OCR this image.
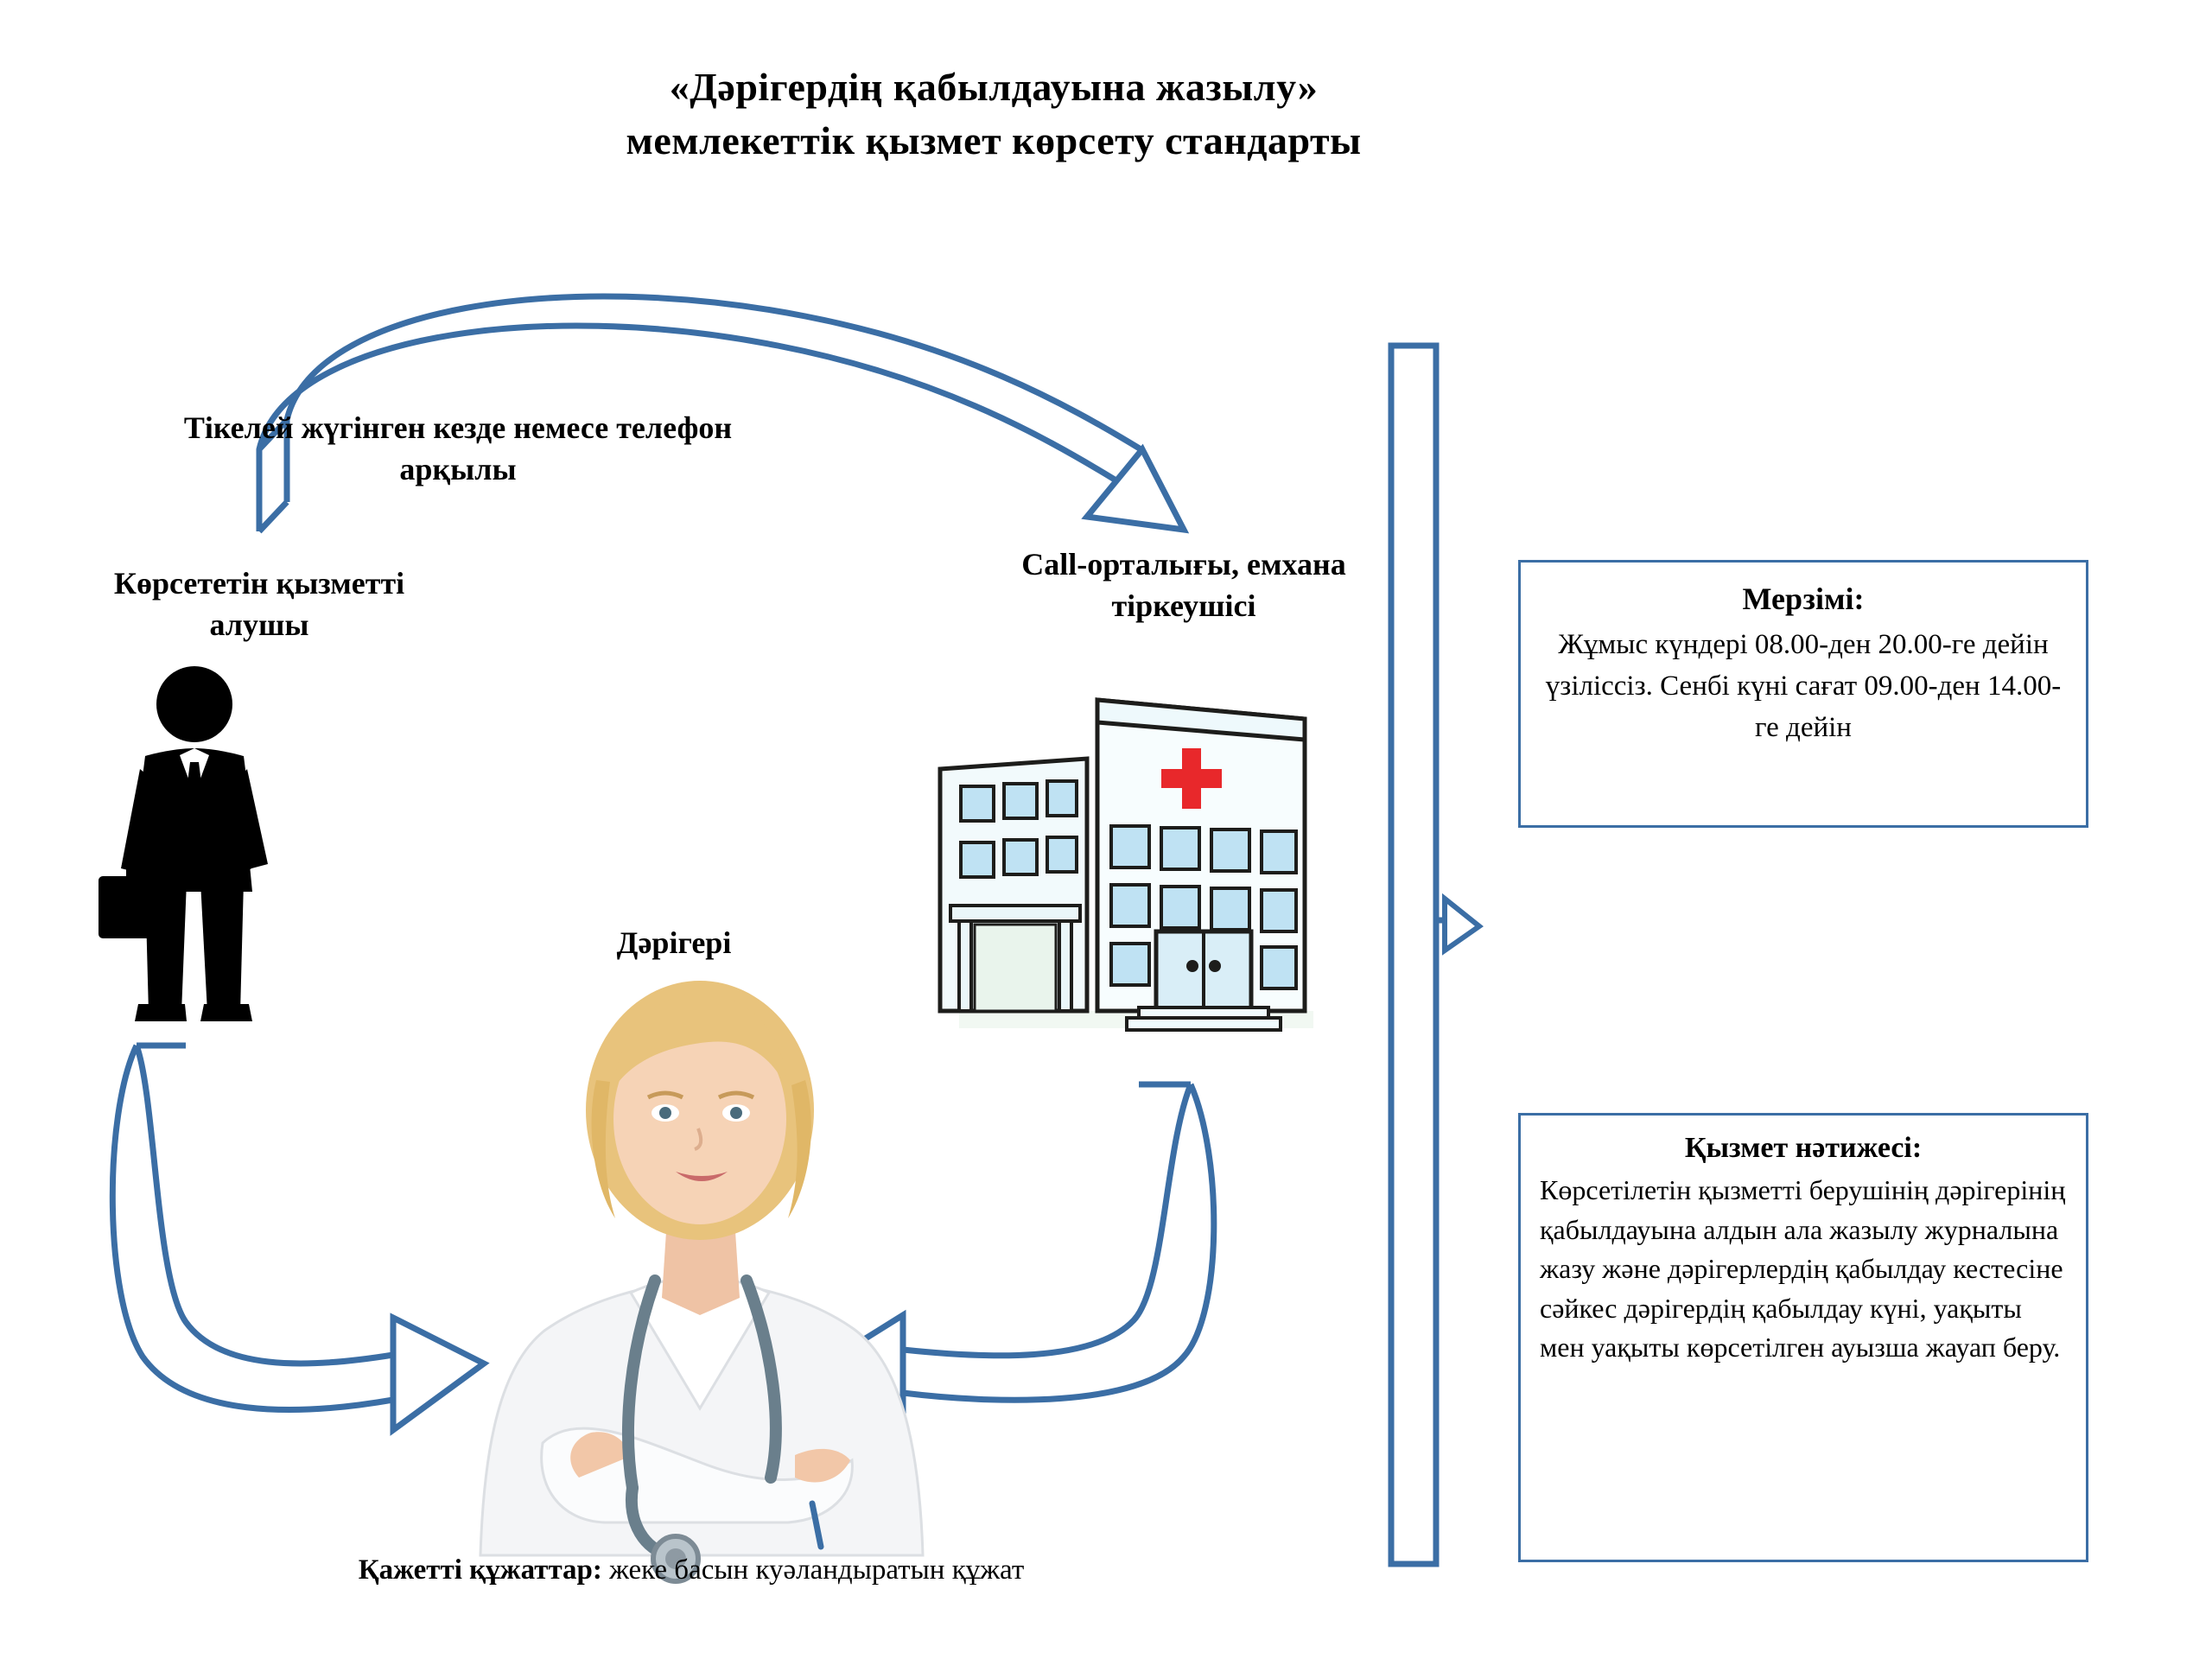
«Дәрігердің қабылдауына жазылу»
мемлекеттік қызмет көрсету стандарты
Тікелей жүгінген кезде немесе телефон арқылы
Көрсететін қызметті алушы
Call-орталығы, емхана тіркеушісі
Дәрігері
Қажетті құжаттар: жеке басын куәландыратын құжат
Мерзімі:
Жұмыс күндері 08.00-ден 20.00-ге дейін үзіліссіз. Сенбі күні сағат 09.00-ден 14.00-ге дейін
Қызмет нәтижесі:
Көрсетілетін қызметті берушінің дәрігерінің қабылдауына алдын ала жазылу журналына жазу және дәрігерлердің қабылдау кестесіне сәйкес дәрігердің қабылдау күні, уақыты мен уақыты көрсетілген ауызша жауап беру.
